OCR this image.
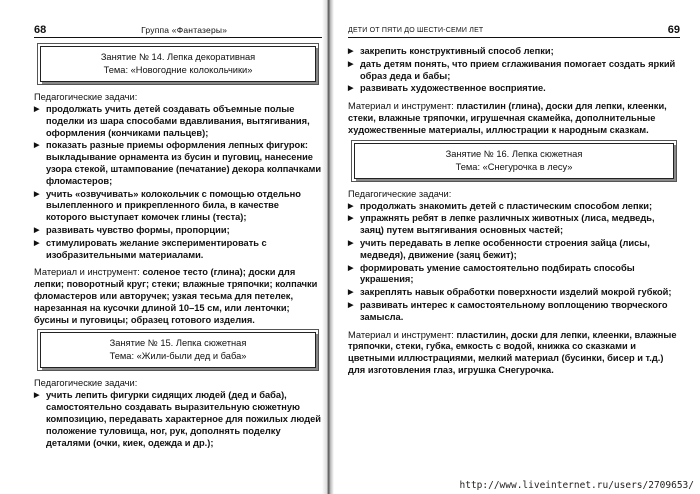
68	Группа «Фантазеры»
Занятие № 14. Лепка декоративная
Тема: «Новогодние колокольчики»
Педагогические задачи:
▶ продолжать учить детей создавать объемные полые поделки из шара способами вдавливания, вытягивания, оформления (кончиками пальцев);
▶ показать разные приемы оформления лепных фигурок: выкладывание орнамента из бусин и пуговиц, нанесение узора стекой, штампование (печатание) декора колпачками фломастеров;
▶ учить «озвучивать» колокольчик с помощью отдельно вылепленного и прикрепленного била, в качестве которого выступает комочек глины (теста);
▶ развивать чувство формы, пропорции;
▶ стимулировать желание экспериментировать с изобразительными материалами.
Материал и инструмент: соленое тесто (глина); доски для лепки; поворотный круг; стеки; влажные тряпочки; колпачки фломастеров или авторучек; узкая тесьма для петелек, нарезанная на кусочки длиной 10–15 см, или ленточки; бусины и пуговицы; образец готового изделия.
Занятие № 15. Лепка сюжетная
Тема: «Жили-были дед и баба»
Педагогические задачи:
▶ учить лепить фигурки сидящих людей (дед и баба), самостоятельно создавать выразительную сюжетную композицию, передавать характерное для пожилых людей положение туловища, ног, рук, дополнять поделку деталями (очки, киек, одежда и др.);
ДЕТИ ОТ ПЯТИ ДО ШЕСТИ-СЕМИ ЛЕТ	69
▶ закрепить конструктивный способ лепки;
▶ дать детям понять, что прием сглаживания помогает создать яркий образ деда и бабы;
▶ развивать художественное восприятие.
Материал и инструмент: пластилин (глина), доски для лепки, клеенки, стеки, влажные тряпочки, игрушечная скамейка, дополнительные художественные материалы, иллюстрации к народным сказкам.
Занятие № 16. Лепка сюжетная
Тема: «Снегурочка в лесу»
Педагогические задачи:
▶ продолжать знакомить детей с пластическим способом лепки;
▶ упражнять ребят в лепке различных животных (лиса, медведь, заяц) путем вытягивания основных частей;
▶ учить передавать в лепке особенности строения зайца (лисы, медведя), движение (заяц бежит);
▶ формировать умение самостоятельно подбирать способы украшения;
▶ закреплять навык обработки поверхности изделий мокрой губкой;
▶ развивать интерес к самостоятельному воплощению творческого замысла.
Материал и инструмент: пластилин, доски для лепки, клеенки, влажные тряпочки, стеки, губка, емкость с водой, книжка со сказками и цветными иллюстрациями, мелкий материал (бусинки, бисер и т.д.) для изготовления глаз, игрушка Снегурочка.
http://www.liveinternet.ru/users/2709653/
